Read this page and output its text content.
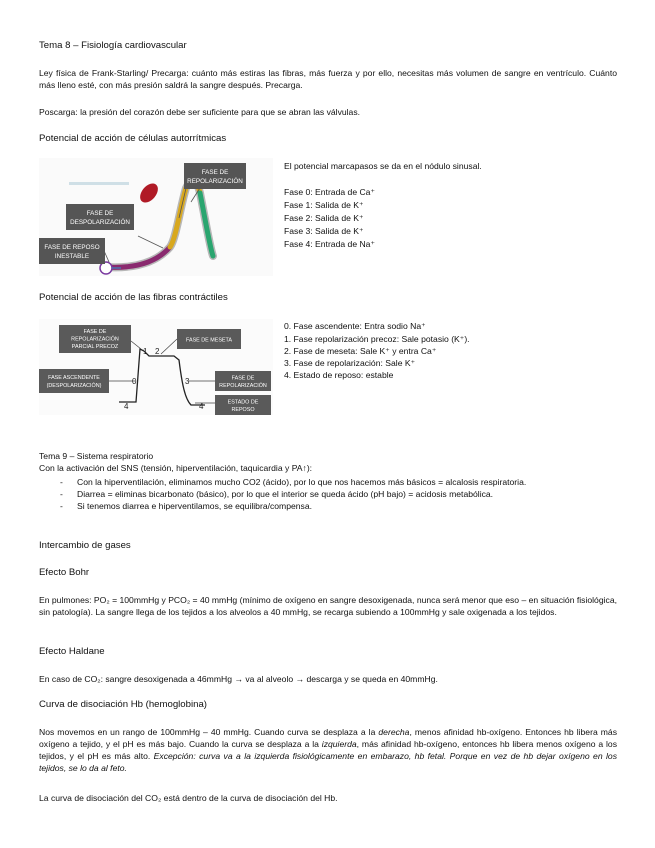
Tema 8 – Fisiología cardiovascular
Ley física de Frank-Starling/ Precarga: cuánto más estiras las fibras, más fuerza y por ello, necesitas más volumen de sangre en ventrículo. Cuánto más lleno esté, con más presión saldrá la sangre después. Precarga.
Poscarga: la presión del corazón debe ser suficiente para que se abran las válvulas.
Potencial de acción de células autorrítmicas
FASE DE
REPOLARIZACIÓN
FASE DE
DESPOLARIZACIÓN
FASE DE REPOSO
INESTABLE
El potencial marcapasos se da en el nódulo sinusal.
Fase 0: Entrada de Ca⁺
Fase 1: Salida de K⁺
Fase 2: Salida de K⁺
Fase 3: Salida de K⁺
Fase 4: Entrada de Na⁺
Potencial de acción de las fibras contráctiles
FASE DE
REPOLARIZACIÓN
PARCIAL PRECOZ
FASE DE MESETA
FASE ASCENDENTE
(DESPOLARIZACIÓN)
FASE DE
REPOLARIZACIÓN
ESTADO DE
REPOSO
1 2
0	3
4	4
0. Fase ascendente: Entra sodio Na⁺
1. Fase repolarización precoz: Sale potasio (K⁺).
2. Fase de meseta: Sale K⁺ y entra Ca⁺
3. Fase de repolarización: Sale K⁺
4. Estado de reposo: estable
Tema 9 – Sistema respiratorio
Con la activación del SNS (tensión, hiperventilación, taquicardia y PA↑):
- Con la hiperventilación, eliminamos mucho CO2 (ácido), por lo que nos hacemos más básicos = alcalosis respiratoria.
- Diarrea = eliminas bicarbonato (básico), por lo que el interior se queda ácido (pH bajo) = acidosis metabólica.
- Si tenemos diarrea e hiperventilamos, se equilibra/compensa.
Intercambio de gases
Efecto Bohr
En pulmones: PO₂ = 100mmHg y PCO₂ = 40 mmHg (mínimo de oxígeno en sangre desoxigenada, nunca será menor que eso – en situación fisiológica, sin patología). La sangre llega de los tejidos a los alveolos a 40 mmHg, se recarga subiendo a 100mmHg y sale oxigenada a los tejidos.
Efecto Haldane
En caso de CO₂: sangre desoxigenada a 46mmHg → va al alveolo → descarga y se queda en 40mmHg.
Curva de disociación Hb (hemoglobina)
Nos movemos en un rango de 100mmHg – 40 mmHg. Cuando curva se desplaza a la derecha, menos afinidad hb-oxígeno. Entonces hb libera más oxígeno a tejido, y el pH es más bajo. Cuando la curva se desplaza a la izquierda, más afinidad hb-oxígeno, entonces hb libera menos oxígeno a los tejidos, y el pH es más alto. Excepción: curva va a la izquierda fisiológicamente en embarazo, hb fetal. Porque en vez de hb dejar oxígeno en los tejidos, se lo da al feto.
La curva de disociación del CO₂ está dentro de la curva de disociación del Hb.
